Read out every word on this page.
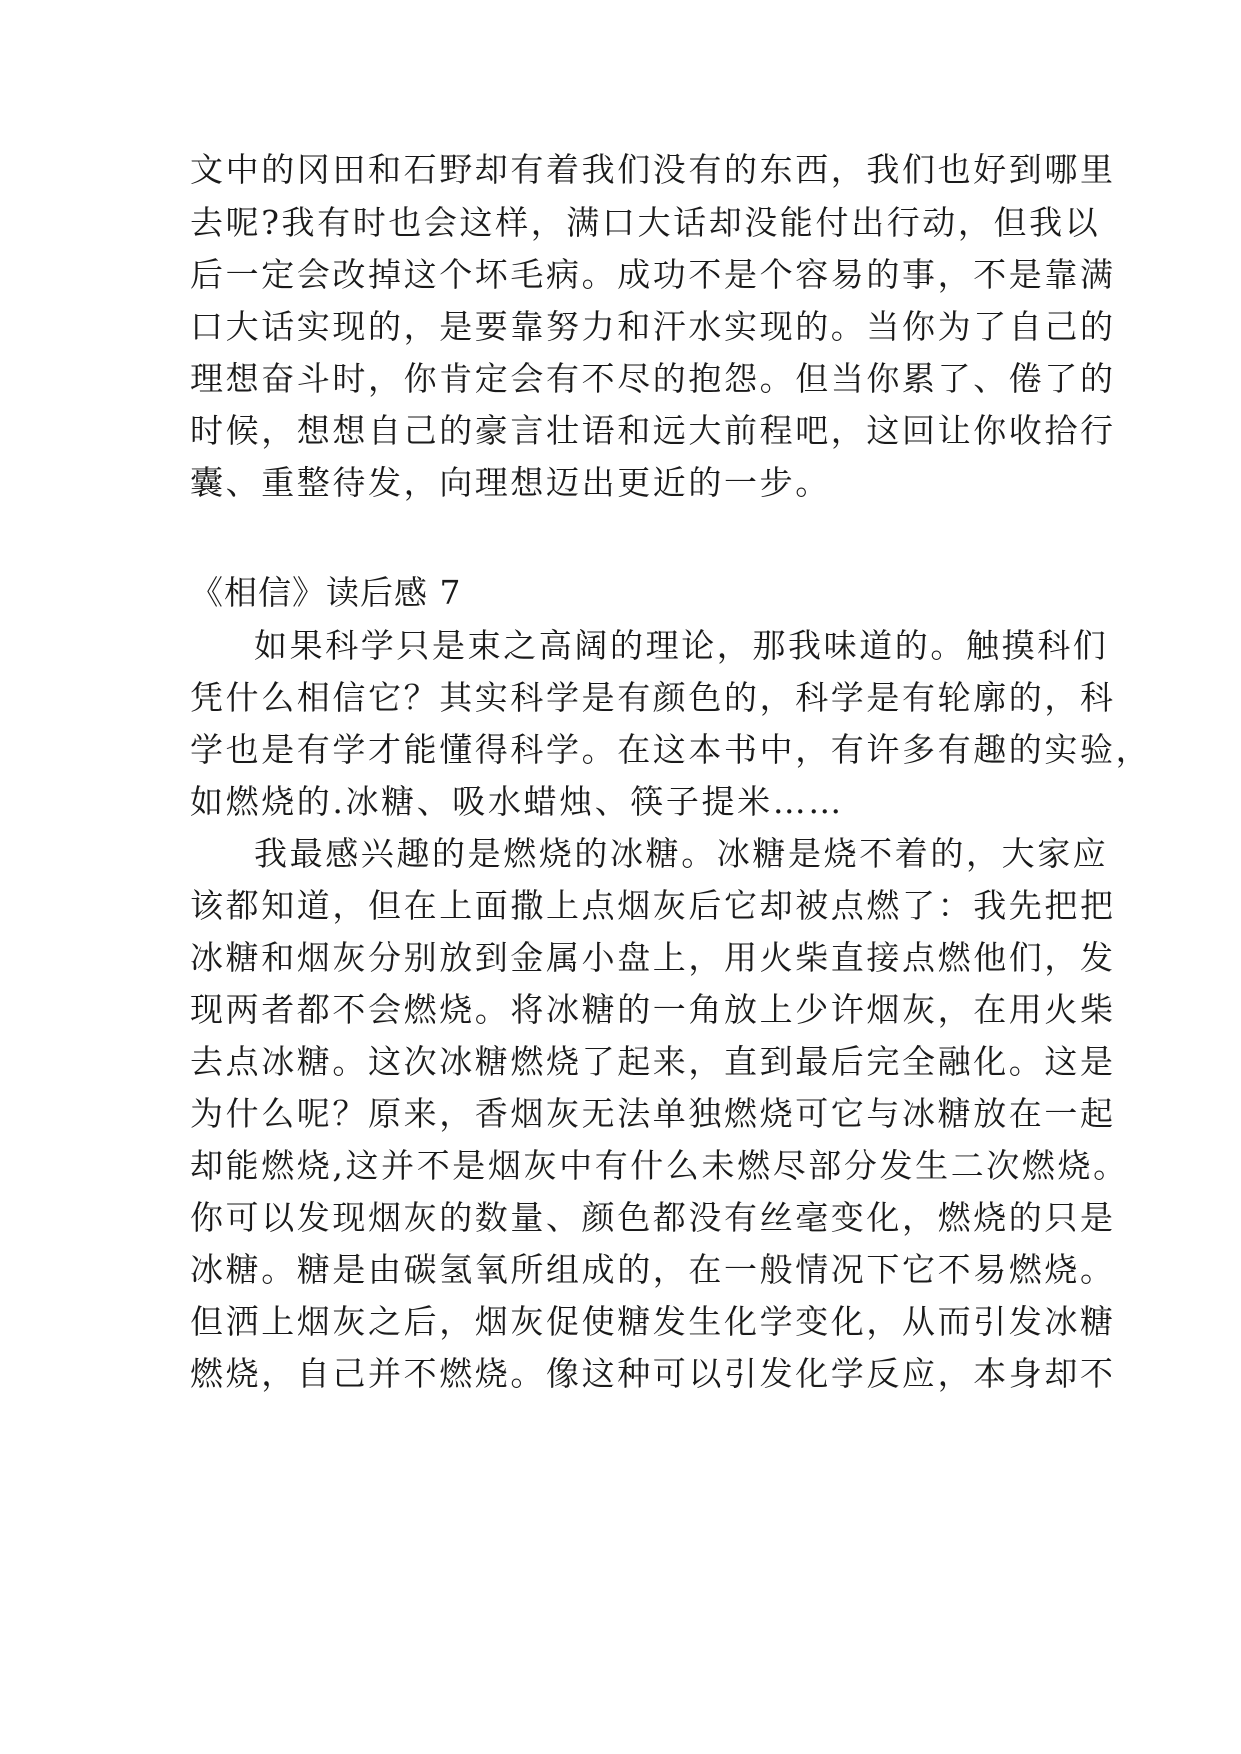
文中的冈田和石野却有着我们没有的东西，我们也好到哪里
去呢?我有时也会这样，满口大话却没能付出行动，但我以
后一定会改掉这个坏毛病。成功不是个容易的事，不是靠满
口大话实现的，是要靠努力和汗水实现的。当你为了自己的
理想奋斗时，你肯定会有不尽的抱怨。但当你累了、倦了的
时候，想想自己的豪言壮语和远大前程吧，这回让你收拾行
囊、重整待发，向理想迈出更近的一步。
《相信》读后感 7
如果科学只是束之高阔的理论，那我味道的。触摸科们
凭什么相信它？其实科学是有颜色的，科学是有轮廓的，科
学也是有学才能懂得科学。在这本书中，有许多有趣的实验，
如燃烧的.冰糖、吸水蜡烛、筷子提米……
我最感兴趣的是燃烧的冰糖。冰糖是烧不着的，大家应
该都知道，但在上面撒上点烟灰后它却被点燃了：我先把把
冰糖和烟灰分别放到金属小盘上，用火柴直接点燃他们，发
现两者都不会燃烧。将冰糖的一角放上少许烟灰，在用火柴
去点冰糖。这次冰糖燃烧了起来，直到最后完全融化。这是
为什么呢？原来，香烟灰无法单独燃烧可它与冰糖放在一起
却能燃烧,这并不是烟灰中有什么未燃尽部分发生二次燃烧。
你可以发现烟灰的数量、颜色都没有丝毫变化，燃烧的只是
冰糖。糖是由碳氢氧所组成的，在一般情况下它不易燃烧。
但洒上烟灰之后，烟灰促使糖发生化学变化，从而引发冰糖
燃烧，自己并不燃烧。像这种可以引发化学反应，本身却不
